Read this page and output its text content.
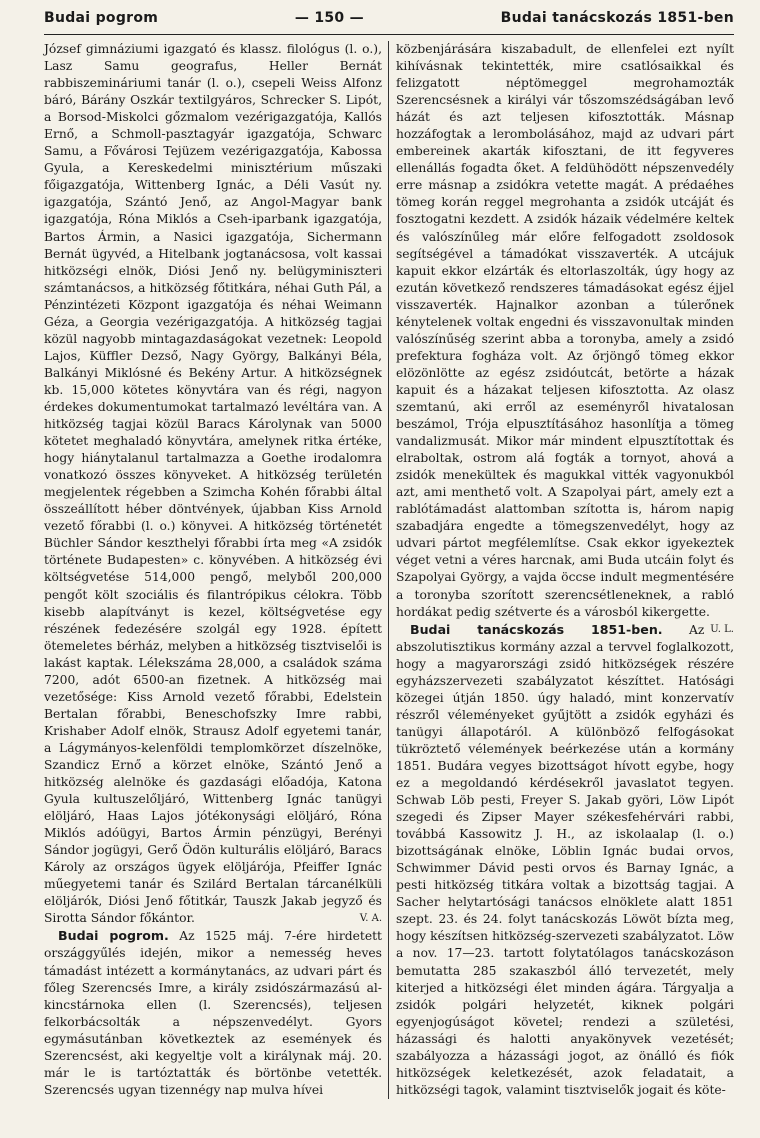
Budai pogrom	— 150 —	Budai tanácskozás 1851-ben

József gimnáziumi igazgató és klassz. filológus (l. o.), Lasz Samu geografus, Heller Bernát rabbiszemináriumi tanár (l. o.), csepeli Weiss Alfonz báró, Bárány Oszkár textilgyáros, Schrecker S. Lipót, a Borsod-Miskolci gőzmalom vezérigazgatója, Kallós Ernő, a Schmoll-pasztagyár igazgatója, Schwarc Samu, a Fővárosi Tejüzem vezérigazgatója, Kabossa Gyula, a Kereskedelmi minisztérium műszaki főigazgatója, Wittenberg Ignác, a Déli Vasút ny. igazgatója, Szántó Jenő, az Angol-Magyar bank igazgatója, Róna Miklós a Cseh-iparbank igazgatója, Bartos Ármin, a Nasici igazgatója, Sichermann Bernát ügyvéd, a Hitelbank jogtanácsosa, volt kassai hitközségi elnök, Diósi Jenő ny. belügyminiszteri számtanácsos, a hitközség főtitkára, néhai Guth Pál, a Pénzintézeti Központ igazgatója és néhai Weimann Géza, a Georgia vezérigazgatója. A hitközség tagjai közül nagyobb mintagazdaságokat vezetnek: Leopold Lajos, Küffler Dezső, Nagy György, Balkányi Béla, Balkányi Miklósné és Bekény Artur. A hitközségnek kb. 15,000 kötetes könyvtára van és régi, nagyon érdekes dokumentumokat tartalmazó levéltára van. A hitközség tagjai közül Baracs Károlynak van 5000 kötetet meghaladó könyvtára, amelynek ritka értéke, hogy hiánytalanul tartalmazza a Goethe irodalomra vonatkozó összes könyveket. A hitközség területén megjelentek régebben a Szimcha Kohén főrabbi által összeállított héber döntvények, újabban Kiss Arnold vezető főrabbi (l. o.) könyvei. A hitközség történetét Büchler Sándor keszthelyi főrabbi írta meg «A zsidók története Budapesten» c. könyvében. A hitközség évi költségvetése 514,000 pengő, melyből 200,000 pengőt költ szociális és filantrópikus célokra. Több kisebb alapítványt is kezel, költségvetése egy részének fedezésére szolgál egy 1928. épített ötemeletes bérház, melyben a hitközség tisztviselői is lakást kaptak. Lélekszáma 28,000, a családok száma 7200, adót 6500-an fizetnek. A hitközség mai vezetősége: Kiss Arnold vezető főrabbi, Edelstein Bertalan főrabbi, Beneschofszky Imre rabbi, Krishaber Adolf elnök, Strausz Adolf egyetemi tanár, a Lágymányos-kelenföldi templomkörzet díszelnöke, Szandicz Ernő a körzet elnöke, Szántó Jenő a hitközség alelnöke és gazdasági előadója, Katona Gyula kultuszelőljáró, Wittenberg Ignác tanügyi elöljáró, Haas Lajos jótékonysági elöljáró, Róna Miklós adóügyi, Bartos Ármin pénzügyi, Berényi Sándor jogügyi, Gerő Ödön kulturális elöljáró, Baracs Károly az országos ügyek elöljárója, Pfeiffer Ignác műegyetemi tanár és Szilárd Bertalan tárcanélküli elöljárók, Diósi Jenő főtitkár, Tauszk Jakab jegyző és Sirotta Sándor főkántor.	V. A.

Budai pogrom. Az 1525 máj. 7-ére hirdetett országgyűlés idején, mikor a nemesség heves támadást intézett a kormánytanács, az udvari párt és főleg Szerencsés Imre, a király zsidószármazású al-kincstárnoka ellen (l. Szerencsés), teljesen felkorbácsolták a népszenvedélyt. Gyors egymásutánban következtek az események és Szerencsést, aki kegyeltje volt a királynak máj. 20. már le is tartóztatták és börtönbe vetették. Szerencsés ugyan tizennégy nap mulva hívei

közbenjárására kiszabadult, de ellenfelei ezt nyílt kihívásnak tekintették, mire csatlósaikkal és felizgatott néptömeggel megrohamozták Szerencsésnek a királyi vár tőszomszédságában levő házát és azt teljesen kifosztották. Másnap hozzáfogtak a lerombolásához, majd az udvari párt embereinek akarták kifosztani, de itt fegyveres ellenállás fogadta őket. A feldühödött népszenvedély erre másnap a zsidókra vetette magát. A prédaéhes tömeg korán reggel megrohanta a zsidók utcáját és fosztogatni kezdett. A zsidók házaik védelmére keltek és valószínűleg már előre felfogadott zsoldosok segítségével a támadókat visszaverték. A utcájuk kapuit ekkor elzárták és eltorlaszolták, úgy hogy az ezután következő rendszeres támadásokat egész éjjel visszaverték. Hajnalkor azonban a túlerőnek kénytelenek voltak engedni és visszavonultak minden valószínűség szerint abba a toronyba, amely a zsidó prefektura fogháza volt. Az őrjöngő tömeg ekkor elözönlötte az egész zsidóutcát, betörte a házak kapuit és a házakat teljesen kifosztotta. Az olasz szemtanú, aki erről az eseményről hivatalosan beszámol, Trója elpusztításához hasonlítja a tömeg vandalizmusát. Mikor már mindent elpusztítottak és elraboltak, ostrom alá fogták a tornyot, ahová a zsidók menekültek és magukkal vitték vagyonukból azt, ami menthető volt. A Szapolyai párt, amely ezt a rablótámadást alattomban szította is, három napig szabadjára engedte a tömegszenvedélyt, hogy az udvari pártot megfélemlítse. Csak ekkor igyekeztek véget vetni a véres harcnak, ami Buda utcáin folyt és Szapolyai György, a vajda öccse indult megmentésére a toronyba szorított szerencsétleneknek, a rabló hordákat pedig szétverte és a városból kikergette.
U. L.

Budai tanácskozás 1851-ben. Az abszolutisztikus kormány azzal a tervvel foglalkozott, hogy a magyarországi zsidó hitközségek részére egyházszervezeti szabályzatot készíttet. Hatósági közegei útján 1850. úgy haladó, mint konzervatív részről véleményeket gyűjtött a zsidók egyházi és tanügyi állapotáról. A különböző felfogásokat tükröztető vélemények beérkezése után a kormány 1851. Budára vegyes bizottságot hívott egybe, hogy ez a megoldandó kérdésekről javaslatot tegyen. Schwab Löb pesti, Freyer S. Jakab györi, Löw Lipót szegedi és Zipser Mayer székesfehérvári rabbi, továbbá Kassowitz J. H., az iskolaalap (l. o.) bizottságának elnöke, Löblin Ignác budai orvos, Schwimmer Dávid pesti orvos és Barnay Ignác, a pesti hitközség titkára voltak a bizottság tagjai. A Sacher helytartósági tanácsos elnöklete alatt 1851 szept. 23. és 24. folyt tanácskozás Löwöt bízta meg, hogy készítsen hitközség-szervezeti szabályzatot. Löw a nov. 17—23. tartott folytatólagos tanácskozáson bemutatta 285 szakaszból álló tervezetét, mely kiterjed a hitközségi élet minden ágára. Tárgyalja a zsidók polgári helyzetét, kiknek polgári egyenjogúságot követel; rendezi a születési, házassági és halotti anyakönyvek vezetését; szabályozza a házassági jogot, az önálló és fiók hitközségek keletkezését, azok feladatait, a hitközségi tagok, valamint tisztviselők jogait és köte-
